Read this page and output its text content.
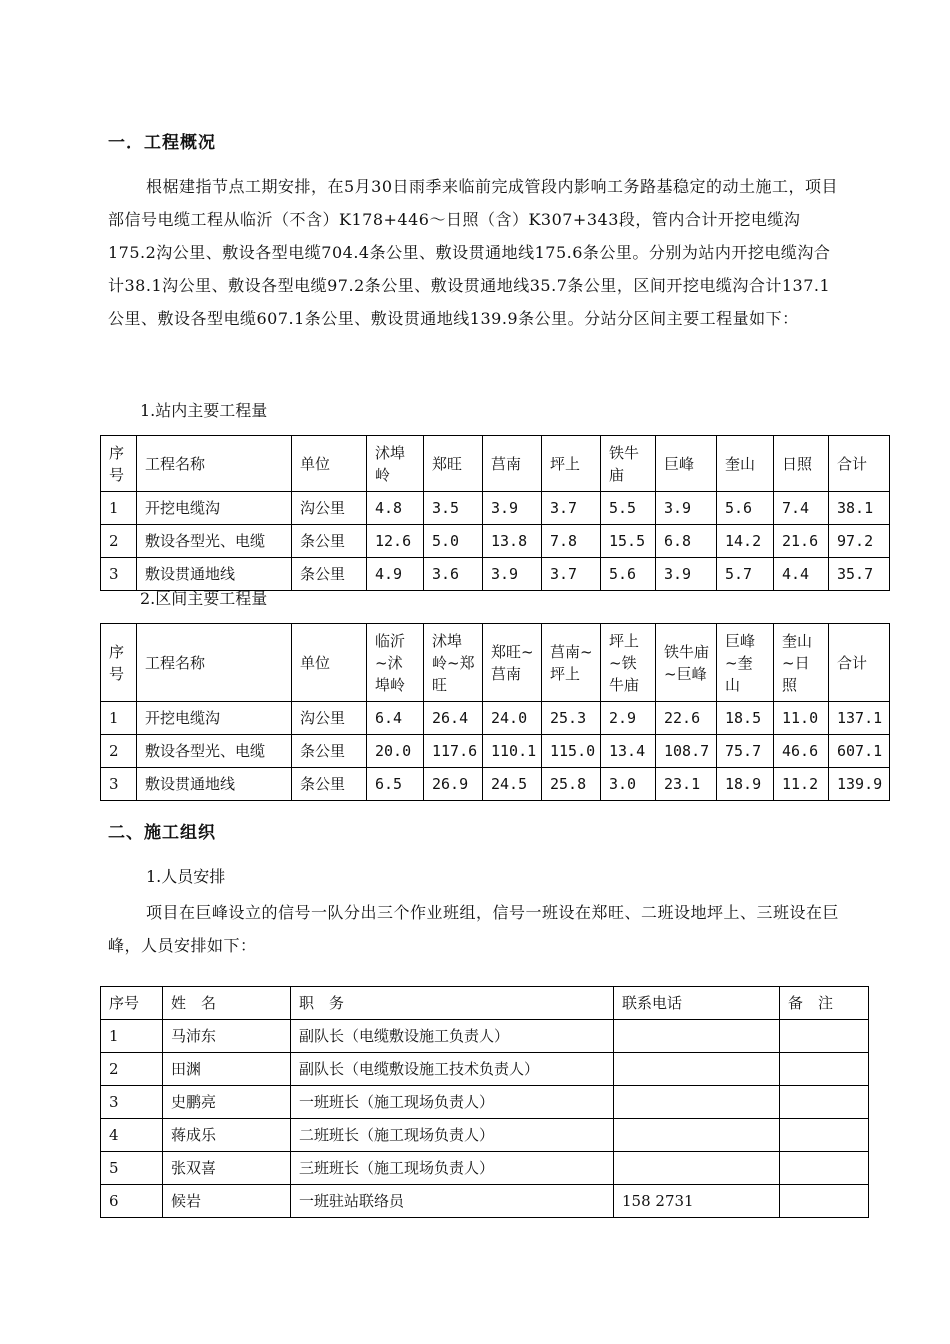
一．工程概况
根椐建指节点工期安排，在5月30日雨季来临前完成管段内影响工务路基稳定的动土施工，项目部信号电缆工程从临沂（不含）K178+446～日照（含）K307+343段，管内合计开挖电缆沟175.2沟公里、敷设各型电缆704.4条公里、敷设贯通地线175.6条公里。分别为站内开挖电缆沟合计38.1沟公里、敷设各型电缆97.2条公里、敷设贯通地线35.7条公里，区间开挖电缆沟合计137.1公里、敷设各型电缆607.1条公里、敷设贯通地线139.9条公里。分站分区间主要工程量如下：
1.站内主要工程量
序号	工程名称	单位	沭埠岭	郑旺	莒南	坪上	铁牛庙	巨峰	奎山	日照	合计
1	开挖电缆沟	沟公里	4.8	3.5	3.9	3.7	5.5	3.9	5.6	7.4	38.1
2	敷设各型光、电缆	条公里	12.6	5.0	13.8	7.8	15.5	6.8	14.2	21.6	97.2
3	敷设贯通地线	条公里	4.9	3.6	3.9	3.7	5.6	3.9	5.7	4.4	35.7
2.区间主要工程量
序号	工程名称	单位	临沂~沭埠岭	沭埠岭~郑旺	郑旺~莒南	莒南~坪上	坪上~铁牛庙	铁牛庙~巨峰	巨峰~奎山	奎山~日照	合计
1	开挖电缆沟	沟公里	6.4	26.4	24.0	25.3	2.9	22.6	18.5	11.0	137.1
2	敷设各型光、电缆	条公里	20.0	117.6	110.1	115.0	13.4	108.7	75.7	46.6	607.1
3	敷设贯通地线	条公里	6.5	26.9	24.5	25.8	3.0	23.1	18.9	11.2	139.9
二、施工组织
1.人员安排
项目在巨峰设立的信号一队分出三个作业班组，信号一班设在郑旺、二班设地坪上、三班设在巨峰，人员安排如下：
序号	姓　名	职　务	联系电话	备　注
1	马沛东	副队长（电缆敷设施工负责人）		
2	田渊	副队长（电缆敷设施工技术负责人）		
3	史鹏亮	一班班长（施工现场负责人）		
4	蒋成乐	二班班长（施工现场负责人）		
5	张双喜	三班班长（施工现场负责人）		
6	候岩	一班驻站联络员	158 2731	
